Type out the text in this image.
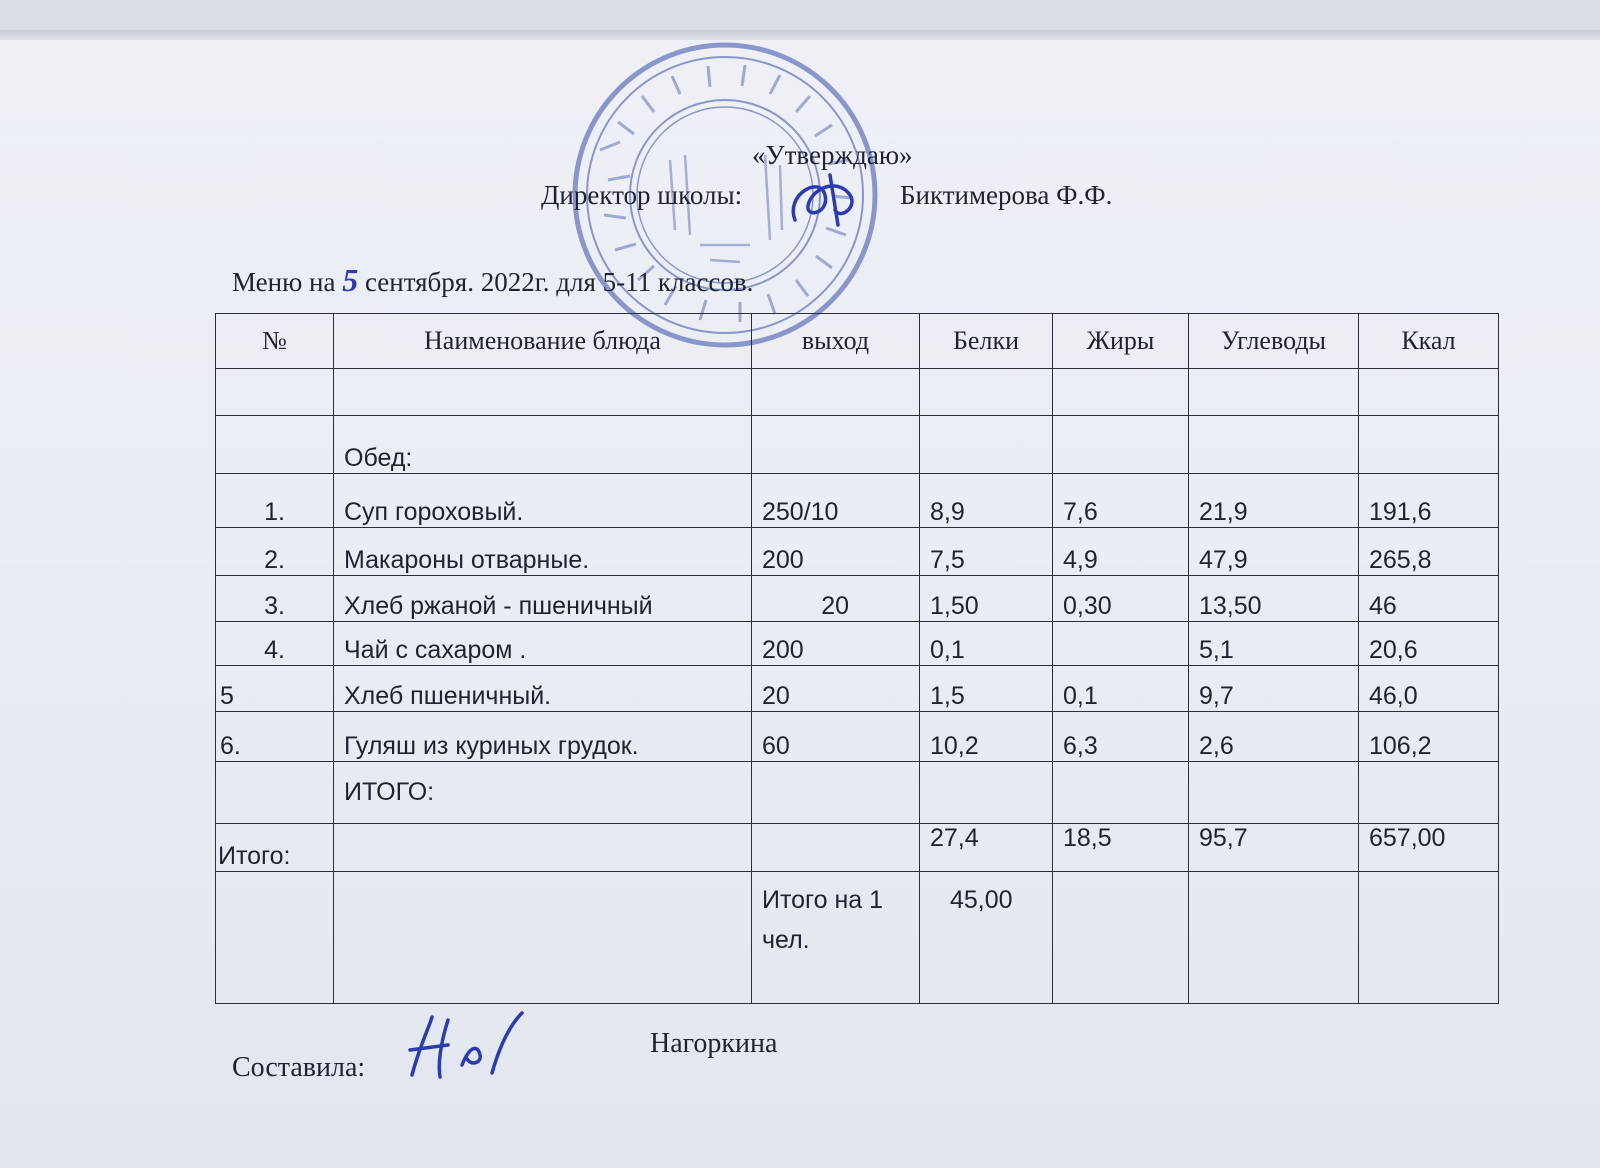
«Утверждаю»
Директор школы:	Биктимерова Ф.Ф.
Меню на 5 сентября. 2022г. для 5-11 классов.
№	Наименование блюда	выход	Белки	Жиры	Углеводы	Ккал

	Обед:					
1.	Суп гороховый.	250/10	8,9	7,6	21,9	191,6
2.	Макароны отварные.	200	7,5	4,9	47,9	265,8
3.	Хлеб ржаной - пшеничный	20	1,50	0,30	13,50	46
4.	Чай с сахаром .	200	0,1		5,1	20,6
5	Хлеб пшеничный.	20	1,5	0,1	9,7	46,0
6.	Гуляш из куриных грудок.	60	10,2	6,3	2,6	106,2
	ИТОГО:					
Итого:			27,4	18,5	95,7	657,00
		Итого на 1 чел.	45,00			
Составила:
Нагоркина
